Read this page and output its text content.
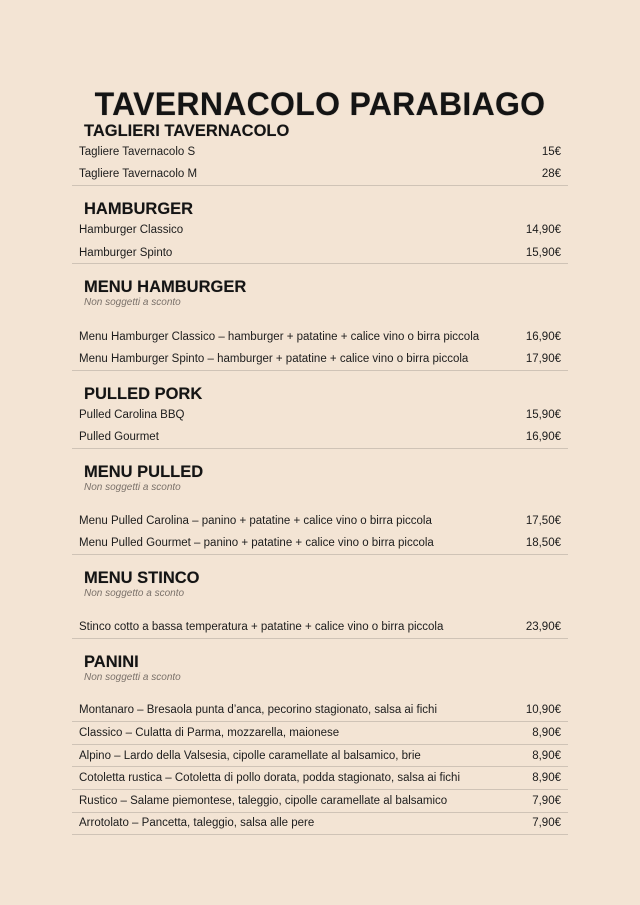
TAVERNACOLO PARABIAGO
TAGLIERI TAVERNACOLO
Tagliere Tavernacolo S	15€
Tagliere Tavernacolo M	28€
HAMBURGER
Hamburger Classico	14,90€
Hamburger Spinto	15,90€
MENU HAMBURGER
Non soggetti a sconto
Menu Hamburger Classico – hamburger + patatine + calice vino o birra piccola	16,90€
Menu Hamburger Spinto – hamburger + patatine + calice vino o birra piccola	17,90€
PULLED PORK
Pulled Carolina BBQ	15,90€
Pulled Gourmet	16,90€
MENU PULLED
Non soggetti a sconto
Menu Pulled Carolina – panino + patatine + calice vino o birra piccola	17,50€
Menu Pulled Gourmet – panino + patatine + calice vino o birra piccola	18,50€
MENU STINCO
Non soggetto a sconto
Stinco cotto a bassa temperatura + patatine + calice vino o birra piccola	23,90€
PANINI
Non soggetti a sconto
Montanaro – Bresaola punta d’anca, pecorino stagionato, salsa ai fichi	10,90€
Classico – Culatta di Parma, mozzarella, maionese	8,90€
Alpino – Lardo della Valsesia, cipolle caramellate al balsamico, brie	8,90€
Cotoletta rustica – Cotoletta di pollo dorata, podda stagionato, salsa ai fichi	8,90€
Rustico – Salame piemontese, taleggio, cipolle caramellate al balsamico	7,90€
Arrotolato – Pancetta, taleggio, salsa alle pere	7,90€
